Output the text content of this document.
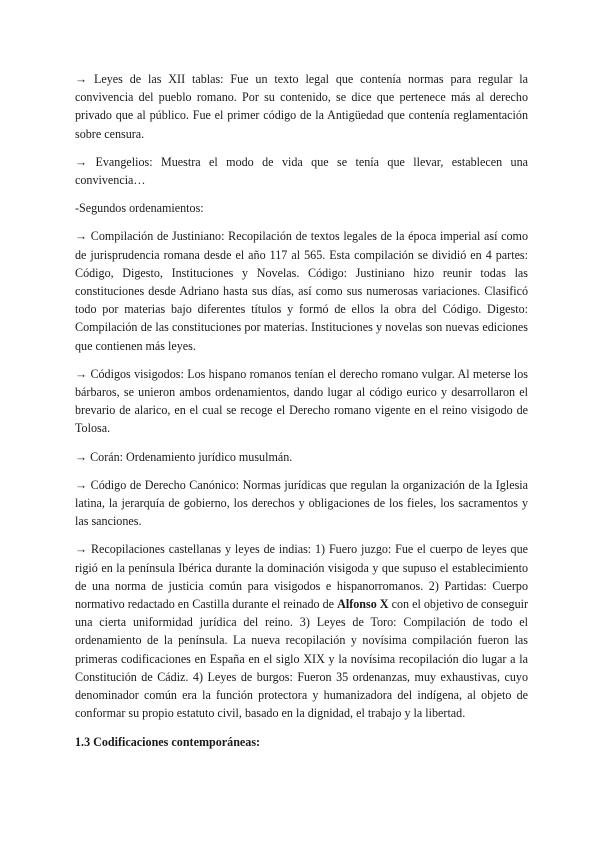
→ Leyes de las XII tablas: Fue un texto legal que contenía normas para regular la convivencia del pueblo romano. Por su contenido, se dice que pertenece más al derecho privado que al público. Fue el primer código de la Antigüedad que contenía reglamentación sobre censura.

→ Evangelios: Muestra el modo de vida que se tenía que llevar, establecen una convivencia…

-Segundos ordenamientos:

→ Compilación de Justiniano: Recopilación de textos legales de la época imperial así como de jurisprudencia romana desde el año 117 al 565. Esta compilación se dividió en 4 partes: Código, Digesto, Instituciones y Novelas. Código: Justiniano hizo reunir todas las constituciones desde Adriano hasta sus días, así como sus numerosas variaciones. Clasificó todo por materias bajo diferentes títulos y formó de ellos la obra del Código. Digesto: Compilación de las constituciones por materias. Instituciones y novelas son nuevas ediciones que contienen más leyes.

→ Códigos visigodos: Los hispano romanos tenían el derecho romano vulgar. Al meterse los bárbaros, se unieron ambos ordenamientos, dando lugar al código eurico y desarrollaron el brevario de alarico, en el cual se recoge el Derecho romano vigente en el reino visigodo de Tolosa.

→ Corán: Ordenamiento jurídico musulmán.

→ Código de Derecho Canónico: Normas jurídicas que regulan la organización de la Iglesia latina, la jerarquía de gobierno, los derechos y obligaciones de los fieles, los sacramentos y las sanciones.

→ Recopilaciones castellanas y leyes de indias: 1) Fuero juzgo: Fue el cuerpo de leyes que rigió en la península Ibérica durante la dominación visigoda y que supuso el establecimiento de una norma de justicia común para visigodos e hispanorromanos. 2) Partidas: Cuerpo normativo redactado en Castilla durante el reinado de Alfonso X con el objetivo de conseguir una cierta uniformidad jurídica del reino. 3) Leyes de Toro: Compilación de todo el ordenamiento de la península. La nueva recopilación y novísima compilación fueron las primeras codificaciones en España en el siglo XIX y la novísima recopilación dio lugar a la Constitución de Cádiz. 4) Leyes de burgos: Fueron 35 ordenanzas, muy exhaustivas, cuyo denominador común era la función protectora y humanizadora del indígena, al objeto de conformar su propio estatuto civil, basado en la dignidad, el trabajo y la libertad.

1.3 Codificaciones contemporáneas:
